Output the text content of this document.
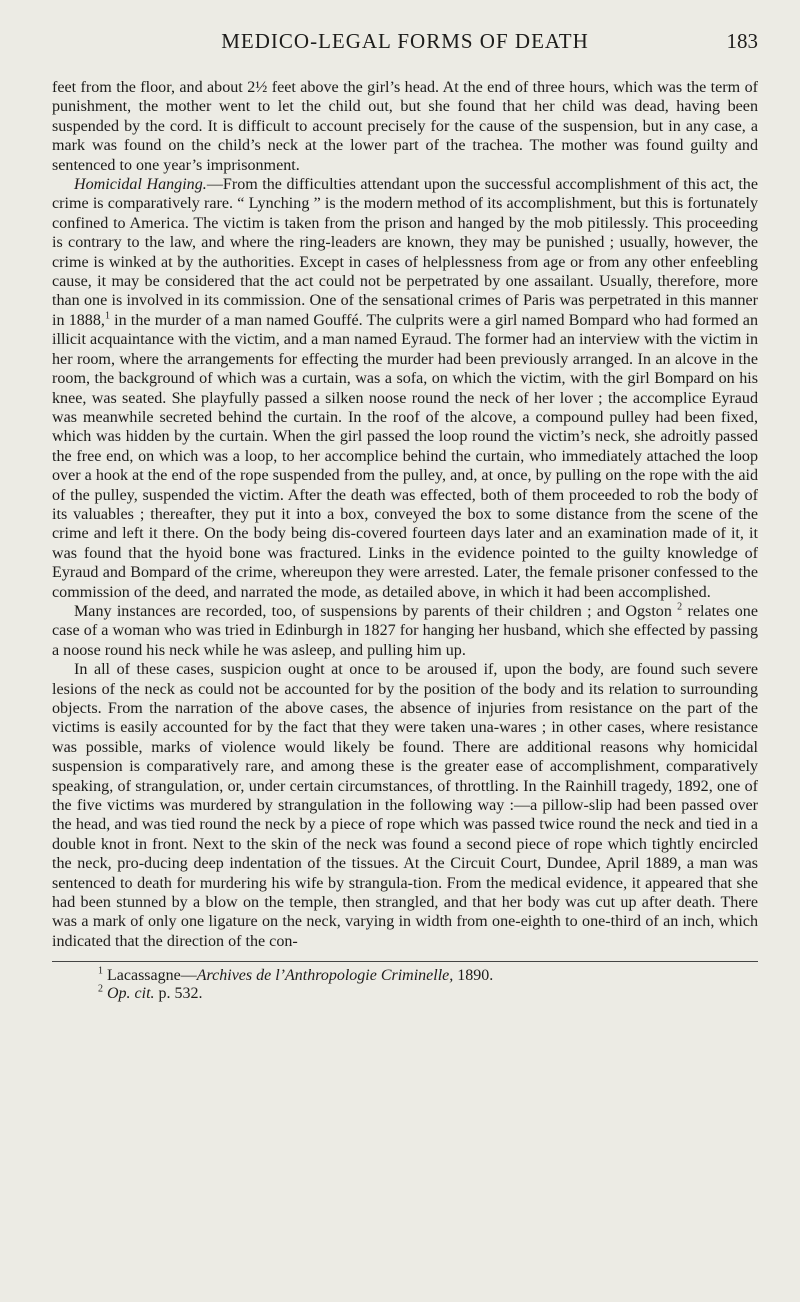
MEDICO-LEGAL FORMS OF DEATH	183

feet from the floor, and about 2½ feet above the girl’s head. At the end of three hours, which was the term of punishment, the mother went to let the child out, but she found that her child was dead, having been suspended by the cord. It is difficult to account precisely for the cause of the suspension, but in any case, a mark was found on the child’s neck at the lower part of the trachea. The mother was found guilty and sentenced to one year’s imprisonment.

Homicidal Hanging.—From the difficulties attendant upon the successful accomplishment of this act, the crime is comparatively rare. “ Lynching ” is the modern method of its accomplishment, but this is fortunately confined to America. The victim is taken from the prison and hanged by the mob pitilessly. This proceeding is contrary to the law, and where the ring-leaders are known, they may be punished ; usually, however, the crime is winked at by the authorities. Except in cases of helplessness from age or from any other enfeebling cause, it may be considered that the act could not be perpetrated by one assailant. Usually, therefore, more than one is involved in its commission. One of the sensational crimes of Paris was perpetrated in this manner in 1888,$^1$ in the murder of a man named Gouffé. The culprits were a girl named Bompard who had formed an illicit acquaintance with the victim, and a man named Eyraud. The former had an interview with the victim in her room, where the arrangements for effecting the murder had been previously arranged. In an alcove in the room, the background of which was a curtain, was a sofa, on which the victim, with the girl Bompard on his knee, was seated. She playfully passed a silken noose round the neck of her lover ; the accomplice Eyraud was meanwhile secreted behind the curtain. In the roof of the alcove, a compound pulley had been fixed, which was hidden by the curtain. When the girl passed the loop round the victim’s neck, she adroitly passed the free end, on which was a loop, to her accomplice behind the curtain, who immediately attached the loop over a hook at the end of the rope suspended from the pulley, and, at once, by pulling on the rope with the aid of the pulley, suspended the victim. After the death was effected, both of them proceeded to rob the body of its valuables ; thereafter, they put it into a box, conveyed the box to some distance from the scene of the crime and left it there. On the body being dis-covered fourteen days later and an examination made of it, it was found that the hyoid bone was fractured. Links in the evidence pointed to the guilty knowledge of Eyraud and Bompard of the crime, whereupon they were arrested. Later, the female prisoner confessed to the commission of the deed, and narrated the mode, as detailed above, in which it had been accomplished.

Many instances are recorded, too, of suspensions by parents of their children ; and Ogston $^2$ relates one case of a woman who was tried in Edinburgh in 1827 for hanging her husband, which she effected by passing a noose round his neck while he was asleep, and pulling him up.

In all of these cases, suspicion ought at once to be aroused if, upon the body, are found such severe lesions of the neck as could not be accounted for by the position of the body and its relation to surrounding objects. From the narration of the above cases, the absence of injuries from resistance on the part of the victims is easily accounted for by the fact that they were taken una-wares ; in other cases, where resistance was possible, marks of violence would likely be found. There are additional reasons why homicidal suspension is comparatively rare, and among these is the greater ease of accomplishment, comparatively speaking, of strangulation, or, under certain circumstances, of throttling. In the Rainhill tragedy, 1892, one of the five victims was murdered by strangulation in the following way :—a pillow-slip had been passed over the head, and was tied round the neck by a piece of rope which was passed twice round the neck and tied in a double knot in front. Next to the skin of the neck was found a second piece of rope which tightly encircled the neck, pro-ducing deep indentation of the tissues. At the Circuit Court, Dundee, April 1889, a man was sentenced to death for murdering his wife by strangula-tion. From the medical evidence, it appeared that she had been stunned by a blow on the temple, then strangled, and that her body was cut up after death. There was a mark of only one ligature on the neck, varying in width from one-eighth to one-third of an inch, which indicated that the direction of the con-

$^1$ Lacassagne—Archives de l’Anthropologie Criminelle, 1890.

$^2$ Op. cit. p. 532.
